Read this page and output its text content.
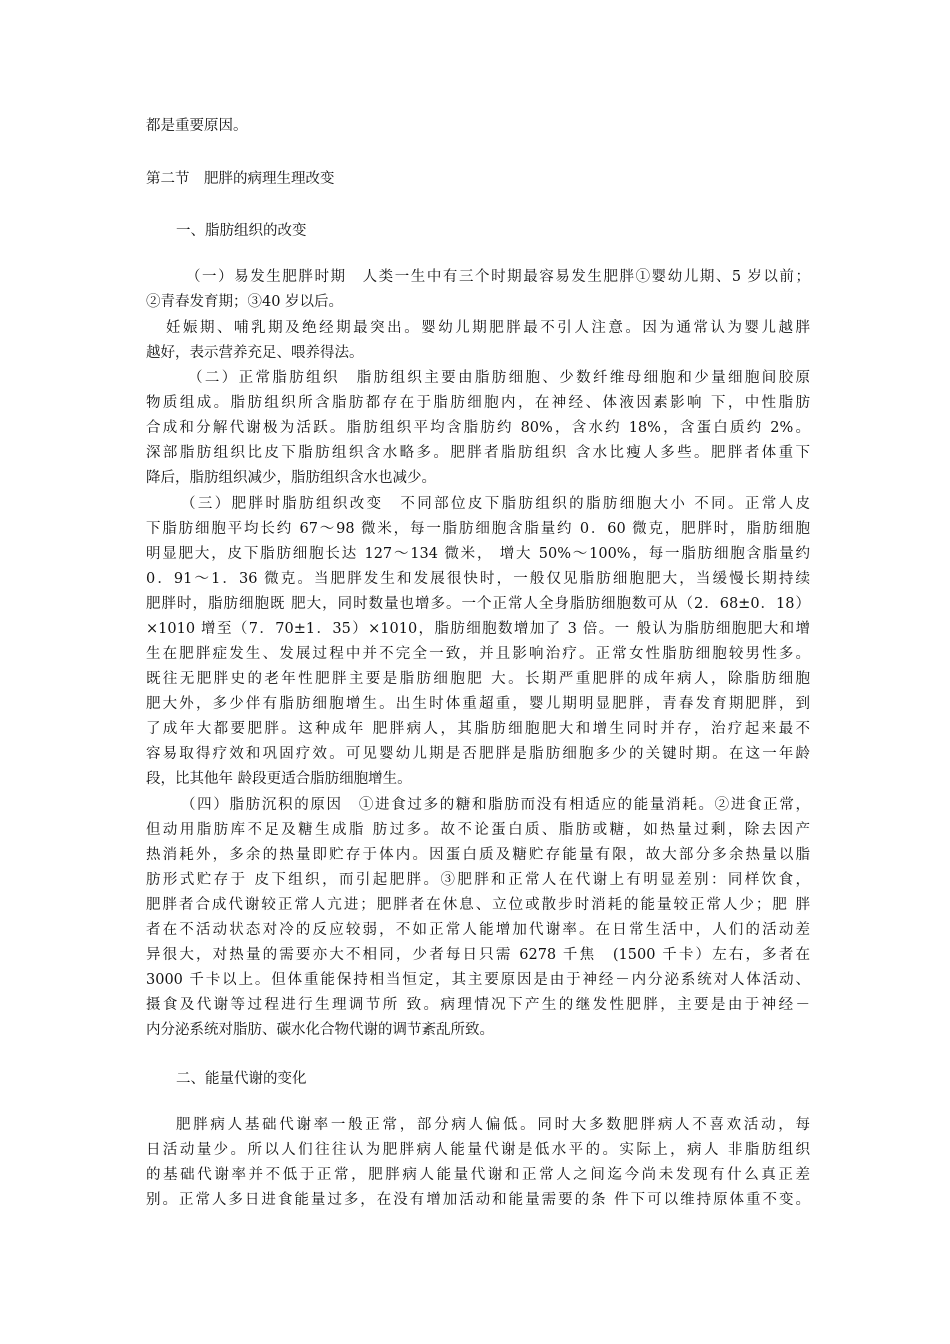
都是重要原因。
第二节　肥胖的病理生理改变
一、脂肪组织的改变
（一）易发生肥胖时期　人类一生中有三个时期最容易发生肥胖①婴幼儿期、5 岁以前；
②青春发育期；③40 岁以后。
妊娠期、哺乳期及绝经期最突出。婴幼儿期肥胖最不引人注意。因为通常认为婴儿越胖
越好，表示营养充足、喂养得法。
（二）正常脂肪组织　脂肪组织主要由脂肪细胞、少数纤维母细胞和少量细胞间胶原
物质组成。脂肪组织所含脂肪都存在于脂肪细胞内，在神经、体液因素影响 下，中性脂肪
合成和分解代谢极为活跃。脂肪组织平均含脂肪约 80%，含水约 18%，含蛋白质约 2%。
深部脂肪组织比皮下脂肪组织含水略多。肥胖者脂肪组织 含水比瘦人多些。肥胖者体重下
降后，脂肪组织减少，脂肪组织含水也减少。
（三）肥胖时脂肪组织改变　不同部位皮下脂肪组织的脂肪细胞大小 不同。正常人皮
下脂肪细胞平均长约 67～98 微米，每一脂肪细胞含脂量约 0．60 微克，肥胖时，脂肪细胞
明显肥大，皮下脂肪细胞长达 127～134 微米， 增大 50%～100%，每一脂肪细胞含脂量约
0．91～1．36 微克。当肥胖发生和发展很快时，一般仅见脂肪细胞肥大，当缓慢长期持续
肥胖时，脂肪细胞既 肥大，同时数量也增多。一个正常人全身脂肪细胞数可从（2．68±0．18）
×1010 增至（7．70±1．35）×1010，脂肪细胞数增加了 3 倍。一 般认为脂肪细胞肥大和增
生在肥胖症发生、发展过程中并不完全一致，并且影响治疗。正常女性脂肪细胞较男性多。
既往无肥胖史的老年性肥胖主要是脂肪细胞肥 大。长期严重肥胖的成年病人，除脂肪细胞
肥大外，多少伴有脂肪细胞增生。出生时体重超重，婴儿期明显肥胖，青春发育期肥胖，到
了成年大都要肥胖。这种成年 肥胖病人，其脂肪细胞肥大和增生同时并存，治疗起来最不
容易取得疗效和巩固疗效。可见婴幼儿期是否肥胖是脂肪细胞多少的关键时期。在这一年龄
段，比其他年 龄段更适合脂肪细胞增生。
（四）脂肪沉积的原因　①进食过多的糖和脂肪而没有相适应的能量消耗。②进食正常，
但动用脂肪库不足及糖生成脂 肪过多。故不论蛋白质、脂肪或糖，如热量过剩，除去因产
热消耗外，多余的热量即贮存于体内。因蛋白质及糖贮存能量有限，故大部分多余热量以脂
肪形式贮存于 皮下组织，而引起肥胖。③肥胖和正常人在代谢上有明显差别：同样饮食，
肥胖者合成代谢较正常人亢进；肥胖者在休息、立位或散步时消耗的能量较正常人少；肥 胖
者在不活动状态对冷的反应较弱，不如正常人能增加代谢率。在日常生活中，人们的活动差
异很大，对热量的需要亦大不相同，少者每日只需 6278 千焦　(1500 千卡）左右，多者在
3000 千卡以上。但体重能保持相当恒定，其主要原因是由于神经－内分泌系统对人体活动、
摄食及代谢等过程进行生理调节所 致。病理情况下产生的继发性肥胖，主要是由于神经－
内分泌系统对脂肪、碳水化合物代谢的调节紊乱所致。
二、能量代谢的变化
肥胖病人基础代谢率一般正常，部分病人偏低。同时大多数肥胖病人不喜欢活动，每
日活动量少。所以人们往往认为肥胖病人能量代谢是低水平的。实际上，病人 非脂肪组织
的基础代谢率并不低于正常，肥胖病人能量代谢和正常人之间迄今尚未发现有什么真正差
别。正常人多日进食能量过多，在没有增加活动和能量需要的条 件下可以维持原体重不变。
